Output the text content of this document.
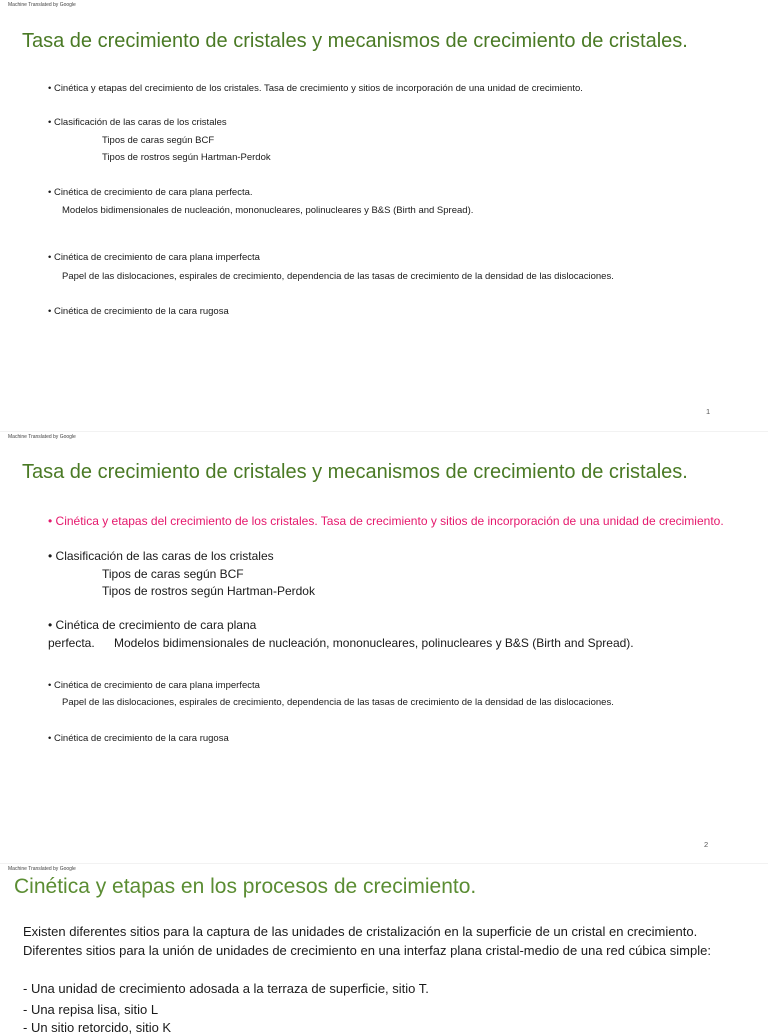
Machine Translated by Google
Tasa de crecimiento de cristales y mecanismos de crecimiento de cristales.
• Cinética y etapas del crecimiento de los cristales. Tasa de crecimiento y sitios de incorporación de una unidad de crecimiento.
• Clasificación de las caras de los cristales
Tipos de caras según BCF
Tipos de rostros según Hartman-Perdok
• Cinética de crecimiento de cara plana perfecta.
Modelos bidimensionales de nucleación, mononucleares, polinucleares y B&S (Birth and Spread).
• Cinética de crecimiento de cara plana imperfecta
Papel de las dislocaciones, espirales de crecimiento, dependencia de las tasas de crecimiento de la densidad de las dislocaciones.
• Cinética de crecimiento de la cara rugosa
1
Machine Translated by Google
Tasa de crecimiento de cristales y mecanismos de crecimiento de cristales.
• Cinética y etapas del crecimiento de los cristales. Tasa de crecimiento y sitios de incorporación de una unidad de crecimiento.
• Clasificación de las caras de los cristales
Tipos de caras según BCF
Tipos de rostros según Hartman-Perdok
• Cinética de crecimiento de cara plana
perfecta. Modelos bidimensionales de nucleación, mononucleares, polinucleares y B&S (Birth and Spread).
• Cinética de crecimiento de cara plana imperfecta
Papel de las dislocaciones, espirales de crecimiento, dependencia de las tasas de crecimiento de la densidad de las dislocaciones.
• Cinética de crecimiento de la cara rugosa
2
Machine Translated by Google
Cinética y etapas en los procesos de crecimiento.
Existen diferentes sitios para la captura de las unidades de cristalización en la superficie de un cristal en crecimiento.
Diferentes sitios para la unión de unidades de crecimiento en una interfaz plana cristal-medio de una red cúbica simple:
- Una unidad de crecimiento adosada a la terraza de superficie, sitio T.
- Una repisa lisa, sitio L
- Un sitio retorcido, sitio K
